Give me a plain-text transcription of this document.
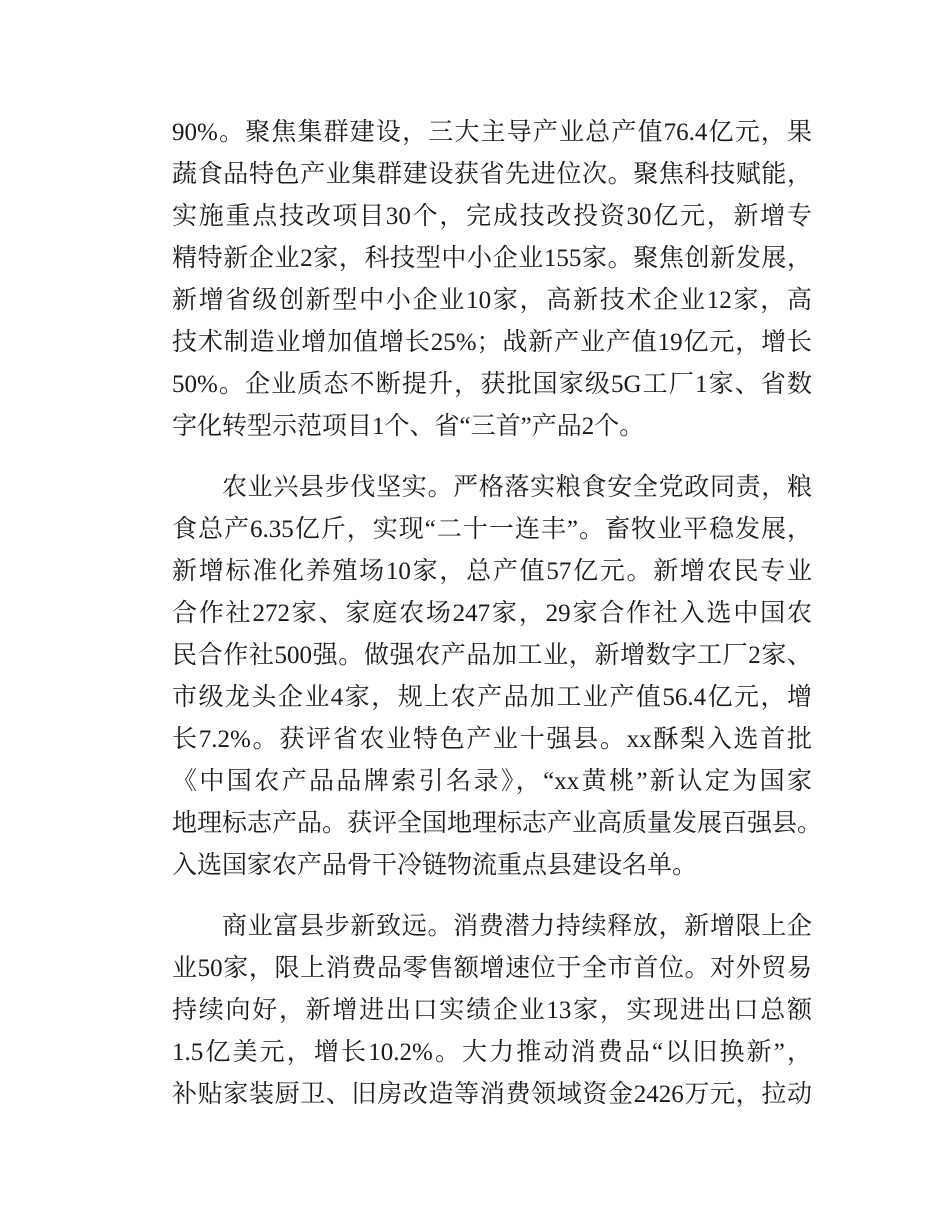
90%。聚焦集群建设，三大主导产业总产值76.4亿元，果
蔬食品特色产业集群建设获省先进位次。聚焦科技赋能，
实施重点技改项目30个，完成技改投资30亿元，新增专
精特新企业2家，科技型中小企业155家。聚焦创新发展，
新增省级创新型中小企业10家，高新技术企业12家，高
技术制造业增加值增长25%；战新产业产值19亿元，增长
50%。企业质态不断提升，获批国家级5G工厂1家、省数
字化转型示范项目1个、省“三首”产品2个。
农业兴县步伐坚实。严格落实粮食安全党政同责，粮
食总产6.35亿斤，实现“二十一连丰”。畜牧业平稳发展，
新增标准化养殖场10家，总产值57亿元。新增农民专业
合作社272家、家庭农场247家，29家合作社入选中国农
民合作社500强。做强农产品加工业，新增数字工厂2家、
市级龙头企业4家，规上农产品加工业产值56.4亿元，增
长7.2%。获评省农业特色产业十强县。xx酥梨入选首批
《中国农产品品牌索引名录》，“xx黄桃”新认定为国家
地理标志产品。获评全国地理标志产业高质量发展百强县。
入选国家农产品骨干冷链物流重点县建设名单。
商业富县步新致远。消费潜力持续释放，新增限上企
业50家，限上消费品零售额增速位于全市首位。对外贸易
持续向好，新增进出口实绩企业13家，实现进出口总额
1.5亿美元，增长10.2%。大力推动消费品“以旧换新”，
补贴家装厨卫、旧房改造等消费领域资金2426万元，拉动
